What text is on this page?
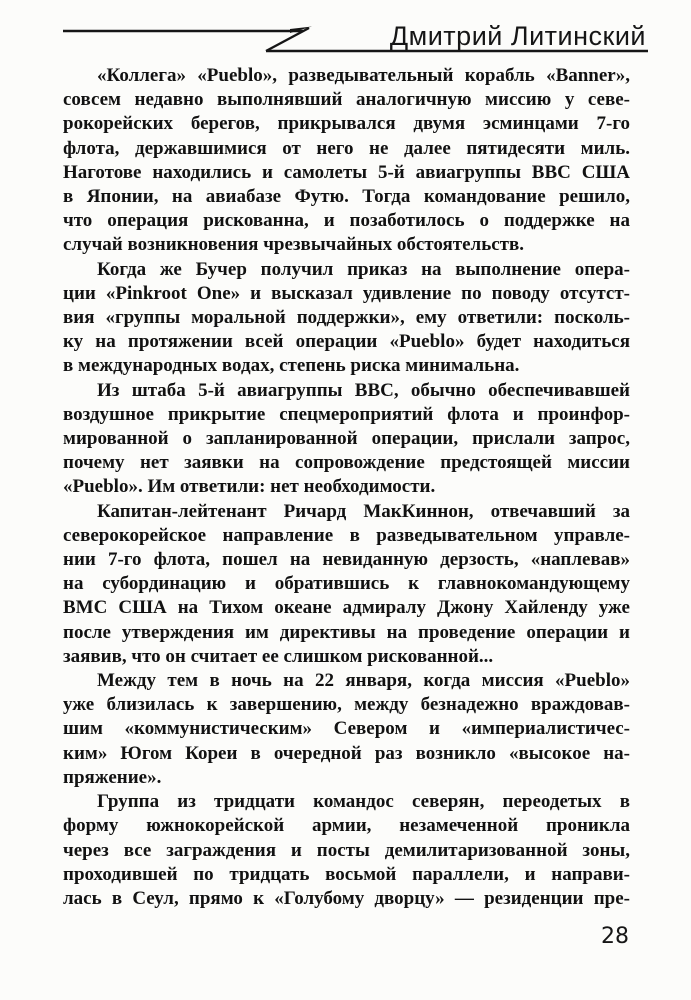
Дмитрий Литинский
«Коллега» «Pueblo», разведывательный корабль «Banner»,
совсем недавно выполнявший аналогичную миссию у севе-
рокорейских берегов, прикрывался двумя эсминцами 7-го
флота, державшимися от него не далее пятидесяти миль.
Наготове находились и самолеты 5-й авиагруппы ВВС США
в Японии, на авиабазе Футю. Тогда командование решило,
что операция рискованна, и позаботилось о поддержке на
случай возникновения чрезвычайных обстоятельств.
Когда же Бучер получил приказ на выполнение опера-
ции «Pinkroot One» и высказал удивление по поводу отсутст-
вия «группы моральной поддержки», ему ответили: посколь-
ку на протяжении всей операции «Pueblo» будет находиться
в международных водах, степень риска минимальна.
Из штаба 5-й авиагруппы ВВС, обычно обеспечивавшей
воздушное прикрытие спецмероприятий флота и проинфор-
мированной о запланированной операции, прислали запрос,
почему нет заявки на сопровождение предстоящей миссии
«Pueblo». Им ответили: нет необходимости.
Капитан-лейтенант Ричард МакКиннон, отвечавший за
северокорейское направление в разведывательном управле-
нии 7-го флота, пошел на невиданную дерзость, «наплевав»
на субординацию и обратившись к главнокомандующему
ВМС США на Тихом океане адмиралу Джону Хайленду уже
после утверждения им директивы на проведение операции и
заявив, что он считает ее слишком рискованной...
Между тем в ночь на 22 января, когда миссия «Pueblo»
уже близилась к завершению, между безнадежно враждовав-
шим «коммунистическим» Севером и «империалистичес-
ким» Югом Кореи в очередной раз возникло «высокое на-
пряжение».
Группа из тридцати командос северян, переодетых в
форму южнокорейской армии, незамеченной проникла
через все заграждения и посты демилитаризованной зоны,
проходившей по тридцать восьмой параллели, и направи-
лась в Сеул, прямо к «Голубому дворцу» — резиденции пре-
28
